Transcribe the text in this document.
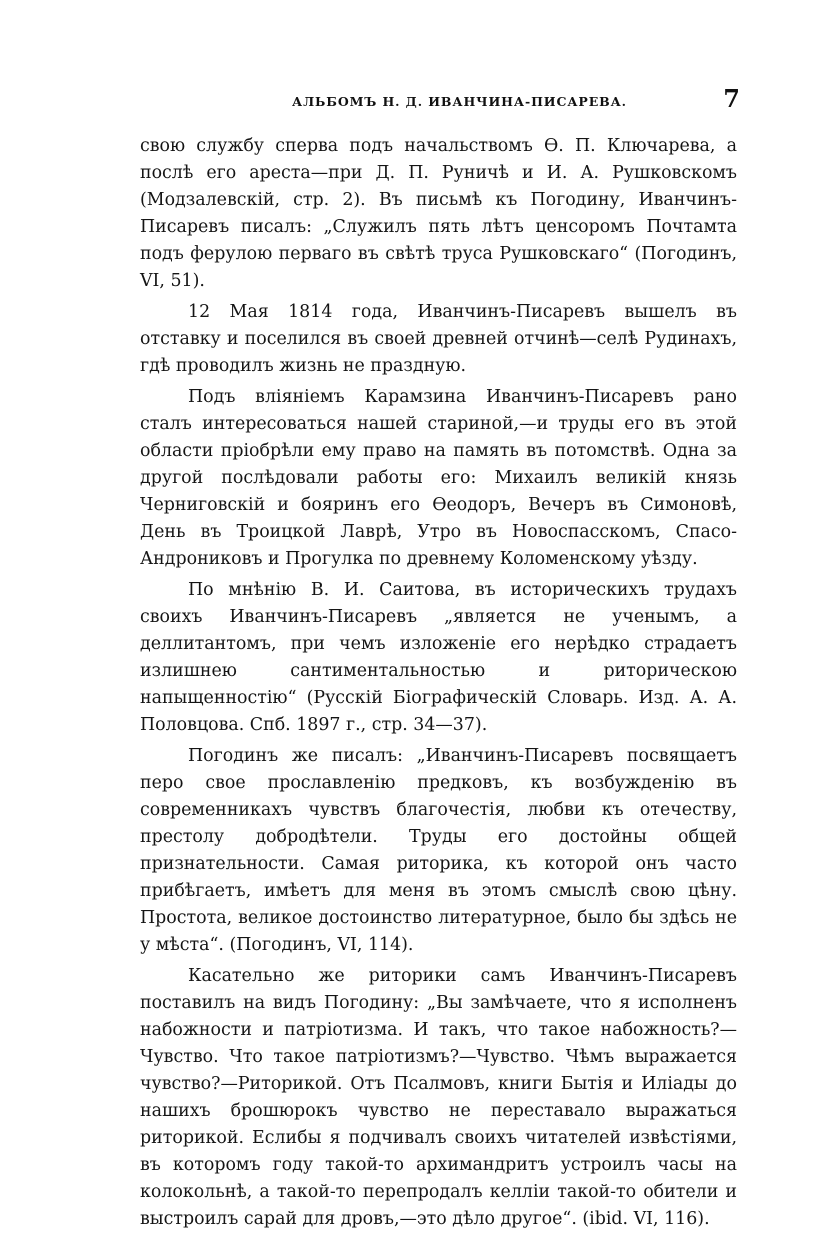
АЛЬБОМЪ Н. Д. ИВАНЧИНА-ПИСАРЕВА.	7

свою службу сперва подъ начальствомъ Ѳ. П. Ключарева, а послѣ его ареста—при Д. П. Руничѣ и И. А. Рушковскомъ (Модзалевскій, стр. 2). Въ письмѣ къ Погодину, Иванчинъ-Писаревъ писалъ: „Служилъ пять лѣтъ ценсоромъ Почтамта подъ ферулою перваго въ свѣтѣ труса Рушковскаго“ (Погодинъ, VI, 51).

12 Мая 1814 года, Иванчинъ-Писаревъ вышелъ въ отставку и поселился въ своей древней отчинѣ—селѣ Рудинахъ, гдѣ проводилъ жизнь не праздную.

Подъ вліяніемъ Карамзина Иванчинъ-Писаревъ рано сталъ интересоваться нашей стариной,—и труды его въ этой области пріобрѣли ему право на память въ потомствѣ. Одна за другой послѣдовали работы его: Михаилъ великій князь Черниговскій и бояринъ его Ѳеодоръ, Вечеръ въ Симоновѣ, День въ Троицкой Лаврѣ, Утро въ Новоспасскомъ, Спасо-Андрониковъ и Прогулка по древнему Коломенскому уѣзду.

По мнѣнію В. И. Саитова, въ историческихъ трудахъ своихъ Иванчинъ-Писаревъ „является не ученымъ, а деллитантомъ, при чемъ изложеніе его нерѣдко страдаетъ излишнею сантиментальностью и риторическою напыщенностію“ (Русскій Біографическій Словарь. Изд. А. А. Половцова. Спб. 1897 г., стр. 34—37).

Погодинъ же писалъ: „Иванчинъ-Писаревъ посвящаетъ перо свое прославленію предковъ, къ возбужденію въ современникахъ чувствъ благочестія, любви къ отечеству, престолу добродѣтели. Труды его достойны общей признательности. Самая риторика, къ которой онъ часто прибѣгаетъ, имѣетъ для меня въ этомъ смыслѣ свою цѣну. Простота, великое достоинство литературное, было бы здѣсь не у мѣста“. (Погодинъ, VI, 114).

Касательно же риторики самъ Иванчинъ-Писаревъ поставилъ на видъ Погодину: „Вы замѣчаете, что я исполненъ набожности и патріотизма. И такъ, что такое набожность?—Чувство. Что такое патріотизмъ?—Чувство. Чѣмъ выражается чувство?—Риторикой. Отъ Псалмовъ, книги Бытія и Иліады до нашихъ брошюрокъ чувство не переставало выражаться риторикой. Еслибы я подчивалъ своихъ читателей извѣстіями, въ которомъ году такой-то архимандритъ устроилъ часы на колокольнѣ, а такой-то перепродалъ келліи такой-то обители и выстроилъ сарай для дровъ,—это дѣло другое“. (ibid. VI, 116).
